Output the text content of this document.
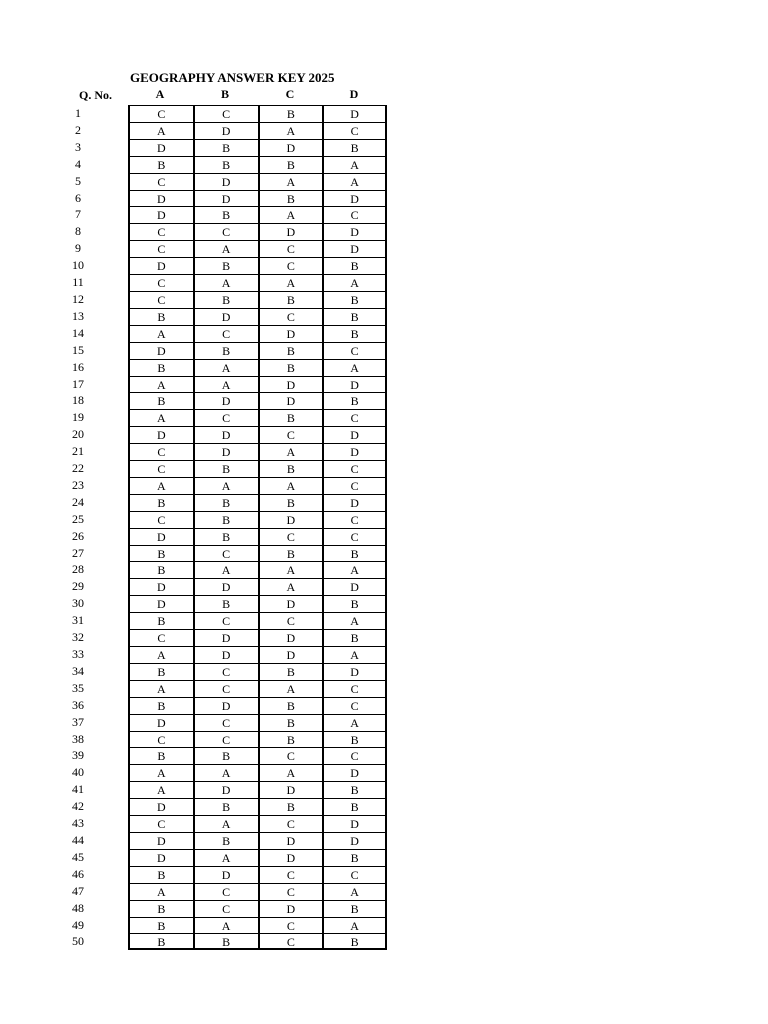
GEOGRAPHY ANSWER KEY 2025
Q. No.	A	B	C	D
1	C	C	B	D
2	A	D	A	C
3	D	B	D	B
4	B	B	B	A
5	C	D	A	A
6	D	D	B	D
7	D	B	A	C
8	C	C	D	D
9	C	A	C	D
10	D	B	C	B
11	C	A	A	A
12	C	B	B	B
13	B	D	C	B
14	A	C	D	B
15	D	B	B	C
16	B	A	B	A
17	A	A	D	D
18	B	D	D	B
19	A	C	B	C
20	D	D	C	D
21	C	D	A	D
22	C	B	B	C
23	A	A	A	C
24	B	B	B	D
25	C	B	D	C
26	D	B	C	C
27	B	C	B	B
28	B	A	A	A
29	D	D	A	D
30	D	B	D	B
31	B	C	C	A
32	C	D	D	B
33	A	D	D	A
34	B	C	B	D
35	A	C	A	C
36	B	D	B	C
37	D	C	B	A
38	C	C	B	B
39	B	B	C	C
40	A	A	A	D
41	A	D	D	B
42	D	B	B	B
43	C	A	C	D
44	D	B	D	D
45	D	A	D	B
46	B	D	C	C
47	A	C	C	A
48	B	C	D	B
49	B	A	C	A
50	B	B	C	B
